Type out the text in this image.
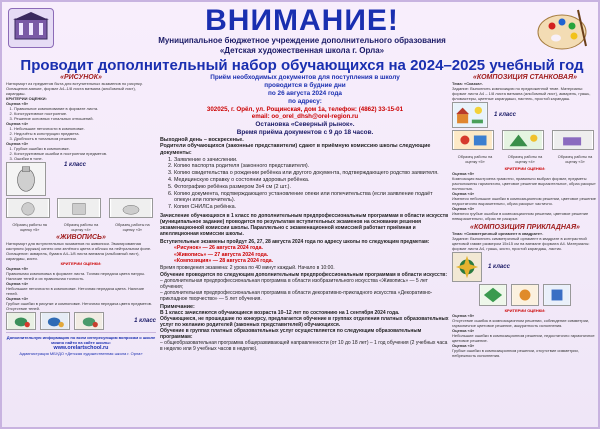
ВНИМАНИЕ!
Муниципальное бюджетное учреждение дополнительного образования
«Детская художественная школа г. Орла»
Проводит дополнительный набор обучающихся на 2024–2025 учебный год
«РИСУНОК»
Натюрморт из предметов быта для вступительных экзаменов по рисунку. Оснащение-мягкие, формат А4–1/8 листа ватмана (альбомный лист), карандаш.
КРИТЕРИИ ОЦЕНКИ:
Оценка «5»
1. Правильное компонование в формате листа.
2. Конструктивное построение.
3. Решение основных тональных отношений.
Оценка «4»
1. Небольшие неточности в компоновке.
2. Недочёты в конструкции предмета.
3. Дробность в тональном решении.
Оценка «3»
1. Грубые ошибки в компоновке.
2. Конструктивные ошибки в построении предметов.
3. Ошибки в тоне.
1 класс
Образец работы на оценку «5»
Образец работы на оценку «4»
Образец работы на оценку «3»
«ЖИВОПИСЬ»
Натюрморт для вступительных экзаменов по живописи. Эмалированная кастрюля (кружка) синего или зелёного цвета и яблоко на нейтральном фоне. Оснащение: акварель, бумага А4–1/8 листа ватмана (альбомный лист), карандаш, кисти.
КРИТЕРИИ ОЦЕНКИ:
Оценка «5»
Правильная компоновка в формате листа. Точная передача цвета натуры. Наличие теней и их правильная точность.
Оценка «4»
Небольшие неточности в компоновке. Неточная передача цвета. Наличие теней.
Оценка «3»
Грубые ошибки в рисунке и компоновке. Неточная передача цвета предметов. Отсутствие теней.
1 класс
Дополнительную информацию по всем интересующим вопросам о школе можно найти на сайте школы:
www.orelartschool.ru
Администрация МБУДО «Детская художественная школа г. Орла»
Приём необходимых документов для поступления в школу
проводится в будние дни
по 26 августа 2024 года
по адресу:
302025, г. Орёл, ул. Рощинская, дом 1а, телефон: (4862) 33-15-01
email: oo_orel_dhsh@orel-region.ru
Остановка «Северный рынок».
Время приёма документов с 9 до 18 часов.
Выходной день – воскресенье.
Родители обучающихся (законные представители) сдают в приёмную комиссию школы следующие документы:
1. Заявление о зачислении.
2. Копию паспорта родителя (законного представителя).
3. Копию свидетельства о рождении ребёнка или другого документа, подтверждающего родство заявителя.
4. Медицинскую справку о состоянии здоровья ребёнка.
5. Фотографию ребёнка размером 3х4 см (2 шт.).
6. Копию документа, подтверждающего установление опеки или попечительства (если заявление подаёт опекун или попечитель).
7. Копия СНИЛСа ребёнка.
Зачисление обучающихся в 1 класс по дополнительным предпрофессиональным программам в области искусств (муниципальное задание) проводится по результатам вступительных экзаменов на основании решения экзаменационной комиссии школы. Параллельно с экзаменационной комиссией работает приёмная и апелляционная комиссии школы.
Вступительные экзамены пройдут 26, 27, 28 августа 2024 года по адресу школы по следующим предметам:
«Рисунок» — 26 августа 2024 года.
«Живопись» — 27 августа 2024 года.
«Композиция» — 28 августа 2024 года.
Время проведения экзамена: 2 урока по 40 минут каждый. Начало в 10:00.
Обучение проводится по следующим дополнительным предпрофессиональным программам в области искусств:
– дополнительная предпрофессиональная программа в области изобразительного искусства «Живопись» — 5 лет обучения;
– дополнительная предпрофессиональная программа в области декоративно-прикладного искусства «Декоративно-прикладное творчество» — 5 лет обучения.
Примечание:
В 1 класс зачисляются обучающиеся возраста 10–12 лет по состоянию на 1 сентября 2024 года.
Обучающиеся, не прошедшие по конкурсу, предлагается обучение в группах отделения платных образовательных услуг по желанию родителей (законных представителей) обучающихся.
Обучение в группах платных образовательных услуг осуществляется по следующим образовательным программам:
– общеобразовательная программа общеразвивающей направленности (от 10 до 18 лет) – 1 год обучения (2 учебных часа в неделю или 9 учебных часов в неделю).
«КОМПОЗИЦИЯ СТАНКОВАЯ»
Тема: «Сказка».
Задание: Выполнить композицию по предложенной теме. Материалы: формат листа А4 – 1/8 листа ватмана (альбомный лист), акварель, гуашь, фломастеры, цветные карандаши, пастель, простой карандаш.
1 класс
Образец работы на оценку «5»
Образец работы на оценку «4»
Образец работы на оценку «3»
КРИТЕРИИ ОЦЕНКИ:
Оценка «5»
Композиция выстроена грамотно, правильно выбран формат, предметы расположены гармонично, цветовое решение выразительное, образ раскрыт полностью.
Оценка «4»
Имеются небольшие ошибки в композиционном решении, цветовое решение недостаточно выразительно, образ раскрыт частично.
Оценка «3»
Имеются грубые ошибки в композиционном решении, цветовое решение невыразительно, образ не раскрыт.
«КОМПОЗИЦИЯ ПРИКЛАДНАЯ»
Тема: «Симметричный орнамент в квадрате».
Задание: Выполнить симметричный орнамент в квадрате в контрастной цветовой гамме размером 15х15 см на ватмане формата А4. Материалы: формат листа А4, гуашь, кисти, простой карандаш, ластик.
1 класс
КРИТЕРИИ ОЦЕНКИ:
Оценка «5»
Отсутствие ошибок в композиционном решении, соблюдение симметрии, гармоничное цветовое решение, аккуратность исполнения.
Оценка «4»
Небольшие ошибки в композиционном решении, недостаточно гармоничное цветовое решение.
Оценка «3»
Грубые ошибки в композиционном решении, отсутствие симметрии, небрежность исполнения.
